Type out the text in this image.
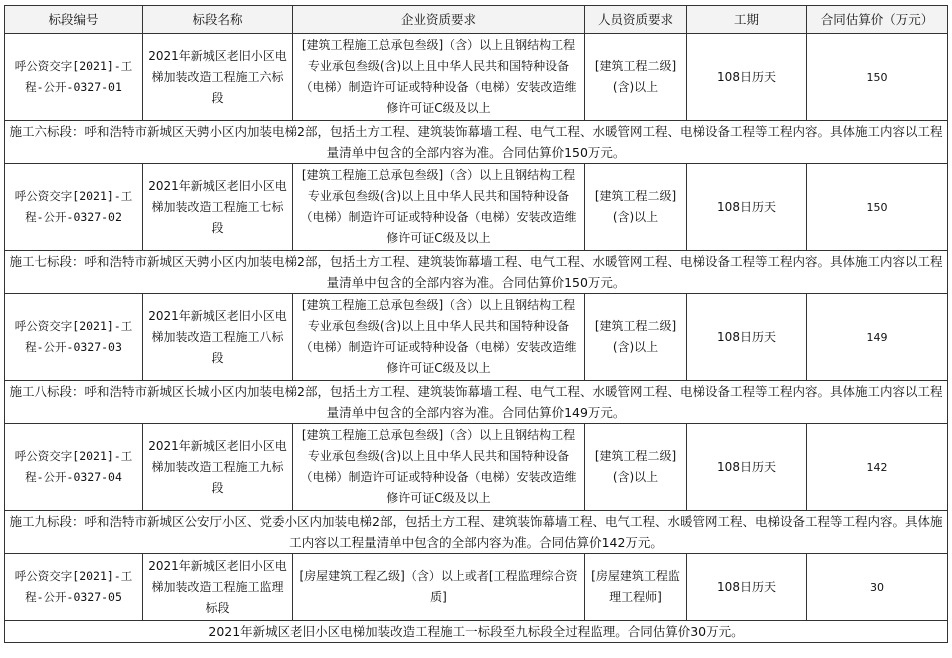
标段编号	标段名称	企业资质要求	人员资质要求	工期	合同估算价（万元）
呼公资交字[2021]-工程-公开-0327-01	2021年新城区老旧小区电梯加装改造工程施工六标段	[建筑工程施工总承包叁级]（含）以上且钢结构工程专业承包叁级(含)以上且中华人民共和国特种设备（电梯）制造许可证或特种设备（电梯）安装改造维修许可证C级及以上	[建筑工程二级](含)以上	108日历天	150
施工六标段：呼和浩特市新城区天骋小区内加装电梯2部，包括土方工程、建筑装饰幕墙工程、电气工程、水暖管网工程、电梯设备工程等工程内容。具体施工内容以工程量清单中包含的全部内容为准。合同估算价150万元。					
呼公资交字[2021]-工程-公开-0327-02	2021年新城区老旧小区电梯加装改造工程施工七标段	[建筑工程施工总承包叁级]（含）以上且钢结构工程专业承包叁级(含)以上且中华人民共和国特种设备（电梯）制造许可证或特种设备（电梯）安装改造维修许可证C级及以上	[建筑工程二级](含)以上	108日历天	150
施工七标段：呼和浩特市新城区天骋小区内加装电梯2部，包括土方工程、建筑装饰幕墙工程、电气工程、水暖管网工程、电梯设备工程等工程内容。具体施工内容以工程量清单中包含的全部内容为准。合同估算价150万元。					
呼公资交字[2021]-工程-公开-0327-03	2021年新城区老旧小区电梯加装改造工程施工八标段	[建筑工程施工总承包叁级]（含）以上且钢结构工程专业承包叁级(含)以上且中华人民共和国特种设备（电梯）制造许可证或特种设备（电梯）安装改造维修许可证C级及以上	[建筑工程二级](含)以上	108日历天	149
施工八标段：呼和浩特市新城区长城小区内加装电梯2部，包括土方工程、建筑装饰幕墙工程、电气工程、水暖管网工程、电梯设备工程等工程内容。具体施工内容以工程量清单中包含的全部内容为准。合同估算价149万元。					
呼公资交字[2021]-工程-公开-0327-04	2021年新城区老旧小区电梯加装改造工程施工九标段	[建筑工程施工总承包叁级]（含）以上且钢结构工程专业承包叁级(含)以上且中华人民共和国特种设备（电梯）制造许可证或特种设备（电梯）安装改造维修许可证C级及以上	[建筑工程二级](含)以上	108日历天	142
施工九标段：呼和浩特市新城区公安厅小区、党委小区内加装电梯2部，包括土方工程、建筑装饰幕墙工程、电气工程、水暖管网工程、电梯设备工程等工程内容。具体施工内容以工程量清单中包含的全部内容为准。合同估算价142万元。					
呼公资交字[2021]-工程-公开-0327-05	2021年新城区老旧小区电梯加装改造工程施工监理标段	[房屋建筑工程乙级]（含）以上或者[工程监理综合资质]	[房屋建筑工程监理工程师]	108日历天	30
2021年新城区老旧小区电梯加装改造工程施工一标段至九标段全过程监理。合同估算价30万元。					
